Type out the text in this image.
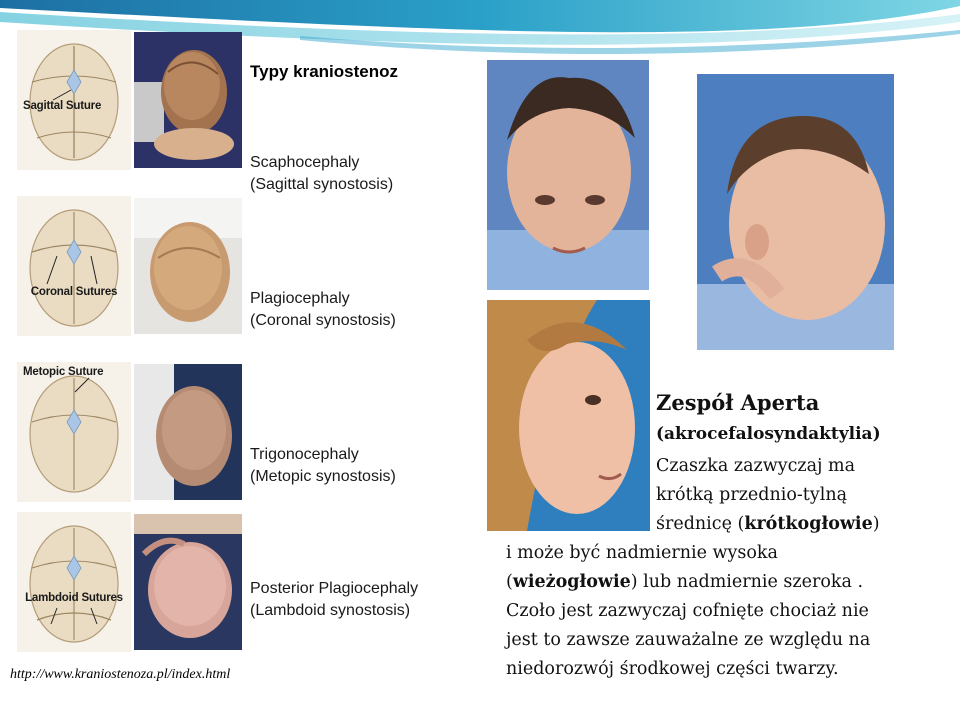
Sagittal Suture
Scaphocephaly
(Sagittal synostosis)
Coronal Sutures	Plagiocephaly
(Coronal synostosis)
Metopic Suture
Trigonocephaly
(Metopic synostosis)
Lambdoid Sutures
Posterior Plagiocephaly
(Lambdoid synostosis)
Typy kraniostenoz
http://www.kraniostenoza.pl/index.html
Zespół Aperta
(akrocefalosyndaktylia)
Czaszka zazwyczaj ma
krótką przednio-tylną
średnicę (krótkogłowie)
i może być nadmiernie wysoka
(wieżogłowie) lub nadmiernie szeroka .
Czoło jest zazwyczaj cofnięte chociaż nie
jest to zawsze zauważalne ze względu na
niedorozwój środkowej części twarzy.
